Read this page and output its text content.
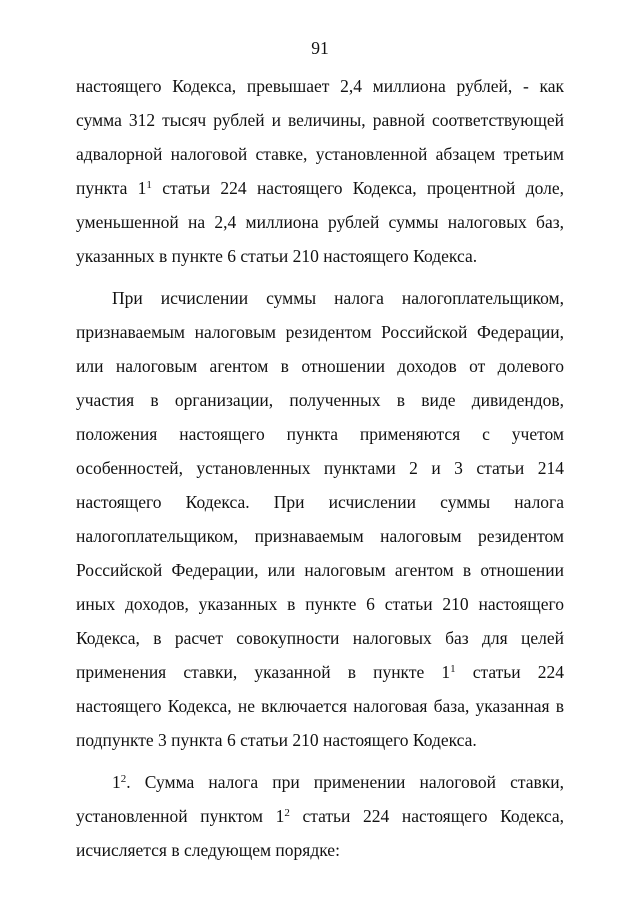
91

настоящего Кодекса, превышает 2,4 миллиона рублей, - как сумма 312 тысяч рублей и величины, равной соответствующей адвалорной налоговой ставке, установленной абзацем третьим пункта $1^1$ статьи 224 настоящего Кодекса, процентной доле, уменьшенной на 2,4 миллиона рублей суммы налоговых баз, указанных в пункте 6 статьи 210 настоящего Кодекса.

При исчислении суммы налога налогоплательщиком, признаваемым налоговым резидентом Российской Федерации, или налоговым агентом в отношении доходов от долевого участия в организации, полученных в виде дивидендов, положения настоящего пункта применяются с учетом особенностей, установленных пунктами 2 и 3 статьи 214 настоящего Кодекса. При исчислении суммы налога налогоплательщиком, признаваемым налоговым резидентом Российской Федерации, или налоговым агентом в отношении иных доходов, указанных в пункте 6 статьи 210 настоящего Кодекса, в расчет совокупности налоговых баз для целей применения ставки, указанной в пункте $1^1$ статьи 224 настоящего Кодекса, не включается налоговая база, указанная в подпункте 3 пункта 6 статьи 210 настоящего Кодекса.

$1^2$. Сумма налога при применении налоговой ставки, установленной пунктом $1^2$ статьи 224 настоящего Кодекса, исчисляется в следующем порядке:
